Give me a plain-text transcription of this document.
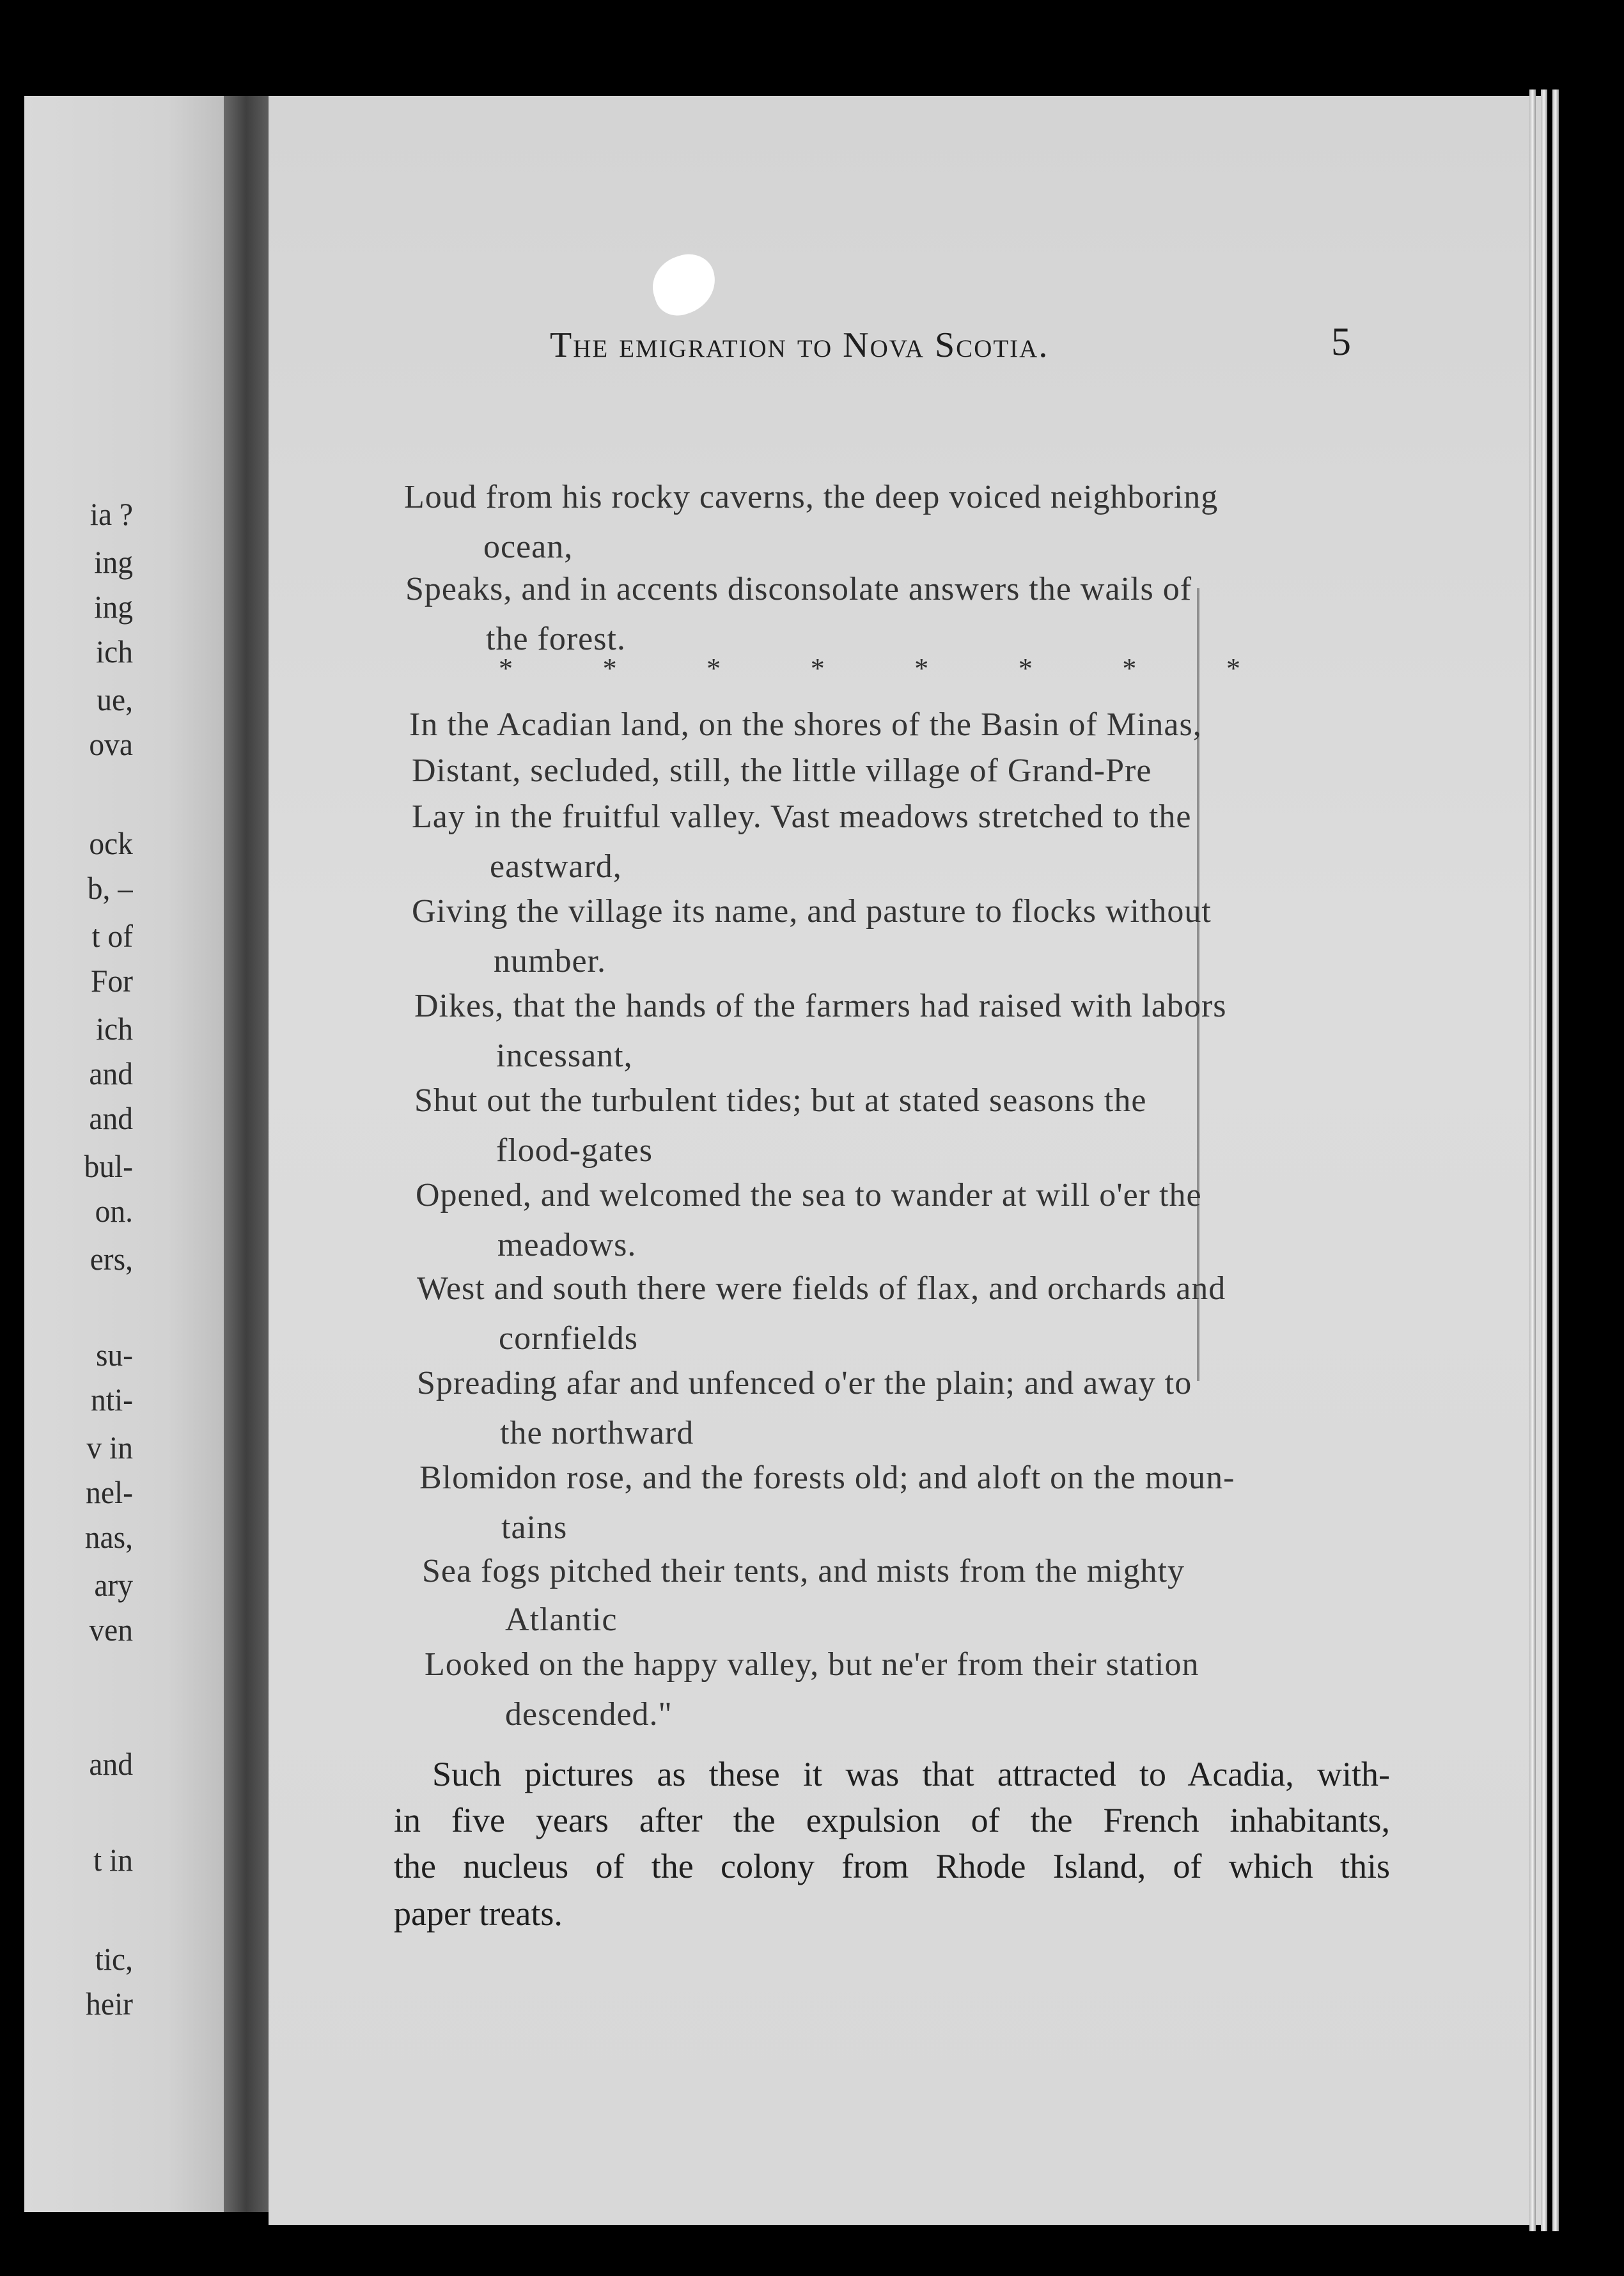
ia ?
ing
ing
ich
ue,
ova
ock
b, –
t of
For
ich
and
and
bul-
on.
ers,
su-
nti-
v in
nel-
nas,
ary
ven
and
t in
tic,
heir
The emigration to Nova Scotia.	5
Loud from his rocky caverns, the deep voiced neighboring
ocean,
Speaks, and in accents disconsolate answers the wails of
the forest.
*	*	*	*	*	*	*	*
In the Acadian land, on the shores of the Basin of Minas,
Distant, secluded, still, the little village of Grand-Pre
Lay in the fruitful valley. Vast meadows stretched to the
eastward,
Giving the village its name, and pasture to flocks without
number.
Dikes, that the hands of the farmers had raised with labors
incessant,
Shut out the turbulent tides; but at stated seasons the
flood-gates
Opened, and welcomed the sea to wander at will o'er the
meadows.
West and south there were fields of flax, and orchards and
cornfields
Spreading afar and unfenced o'er the plain; and away to
the northward
Blomidon rose, and the forests old; and aloft on the moun-
tains
Sea fogs pitched their tents, and mists from the mighty
Atlantic
Looked on the happy valley, but ne'er from their station
descended."
Such pictures as these it was that attracted to Acadia, with-
in five years after the expulsion of the French inhabitants,
the nucleus of the colony from Rhode Island, of which this
paper treats.
